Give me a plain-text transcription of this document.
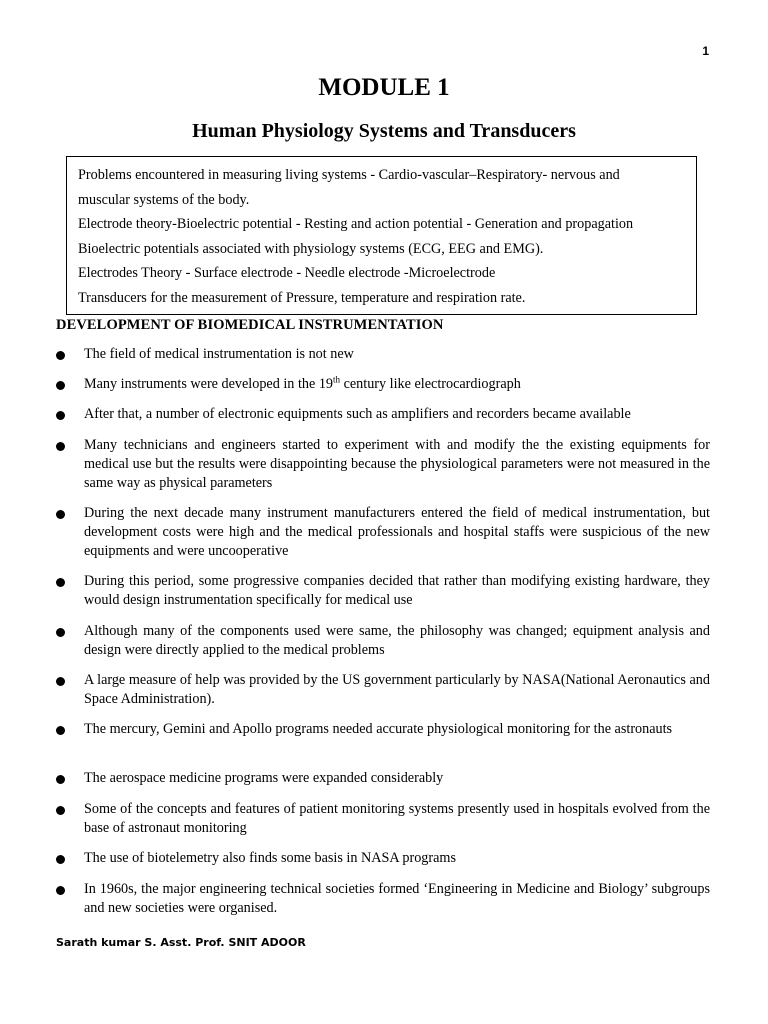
1
MODULE 1
Human Physiology Systems and Transducers
Problems encountered in measuring living systems - Cardio-vascular–Respiratory- nervous and
muscular systems of the body.
Electrode theory-Bioelectric potential - Resting and action potential - Generation and propagation
Bioelectric potentials associated with physiology systems (ECG, EEG and EMG).
Electrodes Theory - Surface electrode - Needle electrode -Microelectrode
Transducers for the measurement of Pressure, temperature and respiration rate.
DEVELOPMENT OF BIOMEDICAL INSTRUMENTATION
The field of medical instrumentation is not new
Many instruments were developed in the 19th century like electrocardiograph
After that, a number of electronic equipments such as amplifiers and recorders became available
Many technicians and engineers started to experiment with and modify the the existing equipments for medical use but the results were disappointing because the physiological parameters were not measured in the same way as physical parameters
During the next decade many instrument manufacturers entered the field of medical instrumentation, but development costs were high and the medical professionals and hospital staffs were suspicious of the new equipments and were uncooperative
During this period, some progressive companies decided that rather than modifying existing hardware, they would design instrumentation specifically for medical use
Although many of the components used were same, the philosophy was changed; equipment analysis and design were directly applied to the medical problems
A large measure of help was provided by the US government particularly by NASA(National Aeronautics and Space Administration).
The mercury, Gemini and Apollo programs needed accurate physiological monitoring for the astronauts
The aerospace medicine programs were expanded considerably
Some of the concepts and features of patient monitoring systems presently used in hospitals evolved from the base of astronaut monitoring
The use of biotelemetry also finds some basis in NASA programs
In 1960s, the major engineering technical societies formed ‘Engineering in Medicine and Biology’ subgroups and new societies were organised.
Sarath kumar S. Asst. Prof. SNIT ADOOR
